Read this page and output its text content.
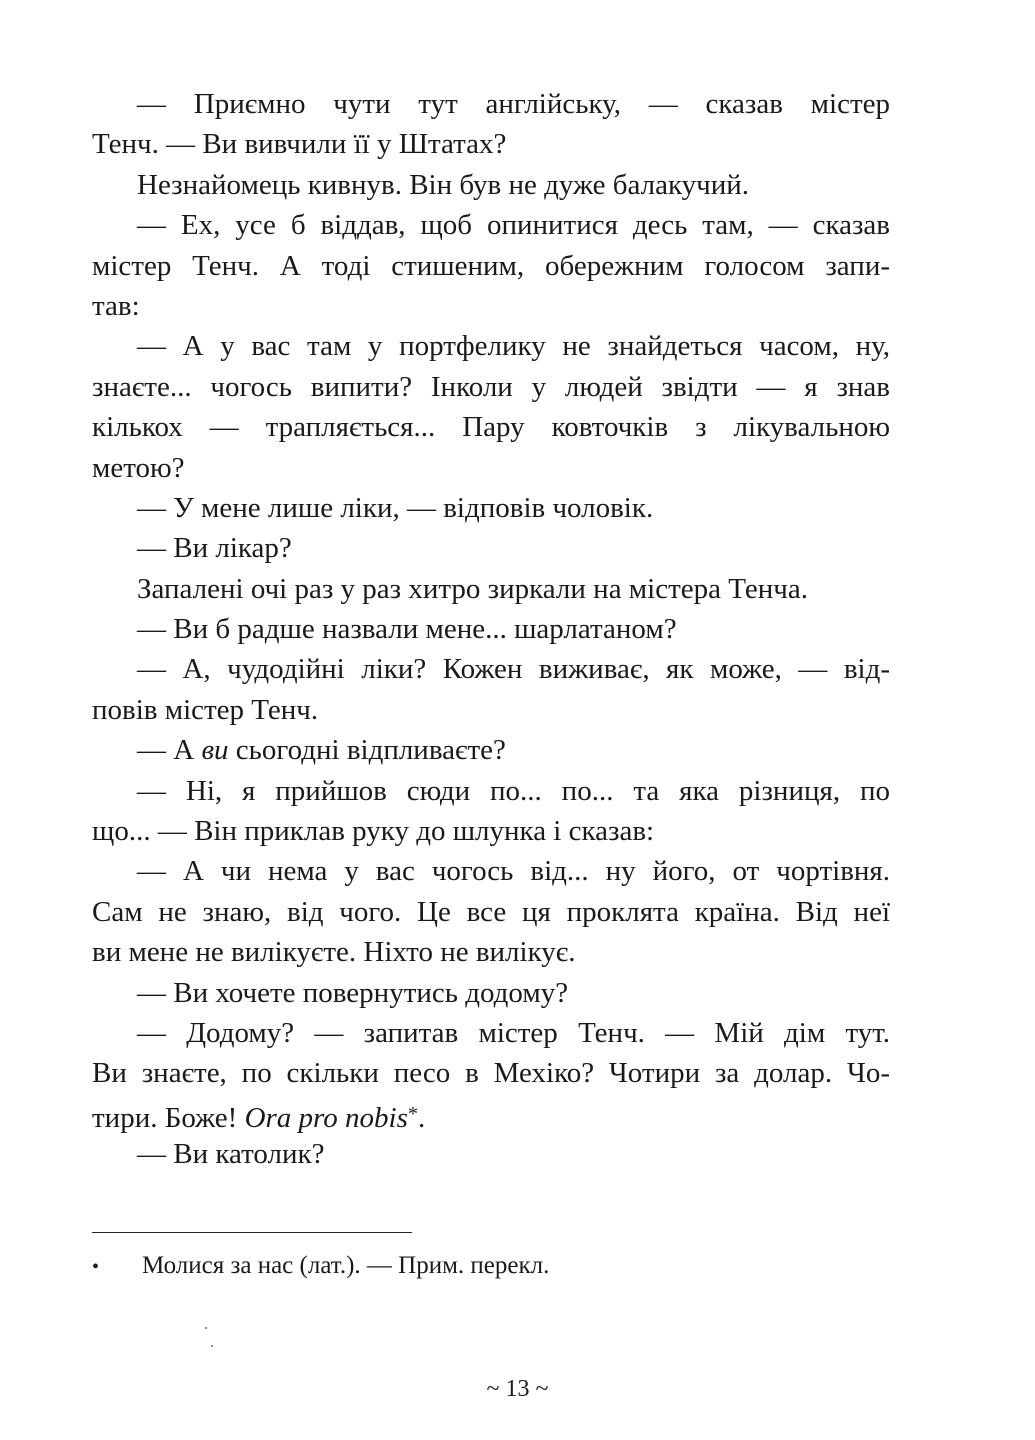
— Приємно чути тут англійську, — сказав містер
Тенч. — Ви вивчили її у Штатах?
Незнайомець кивнув. Він був не дуже балакучий.
— Ех, усе б віддав, щоб опинитися десь там, — сказав
містер Тенч. А тоді стишеним, обережним голосом запи-
тав:
— А у вас там у портфелику не знайдеться часом, ну,
знаєте... чогось випити? Інколи у людей звідти — я знав
кількох — трапляється... Пару ковточків з лікувальною
метою?
— У мене лише ліки, — відповів чоловік.
— Ви лікар?
Запалені очі раз у раз хитро зиркали на містера Тенча.
— Ви б радше назвали мене... шарлатаном?
— А, чудодійні ліки? Кожен виживає, як може, — від-
повів містер Тенч.
— А ви сьогодні відпливаєте?
— Ні, я прийшов сюди по... по... та яка різниця, по
що... — Він приклав руку до шлунка і сказав:
— А чи нема у вас чогось від... ну його, от чортівня.
Сам не знаю, від чого. Це все ця проклята країна. Від неї
ви мене не вилікуєте. Ніхто не вилікує.
— Ви хочете повернутись додому?
— Додому? — запитав містер Тенч. — Мій дім тут.
Ви знаєте, по скільки песо в Мехіко? Чотири за долар. Чо-
тири. Боже! Ora pro nobis*.
— Ви католик?
• Молися за нас (лат.). — Прим. перекл.
~ 13 ~
